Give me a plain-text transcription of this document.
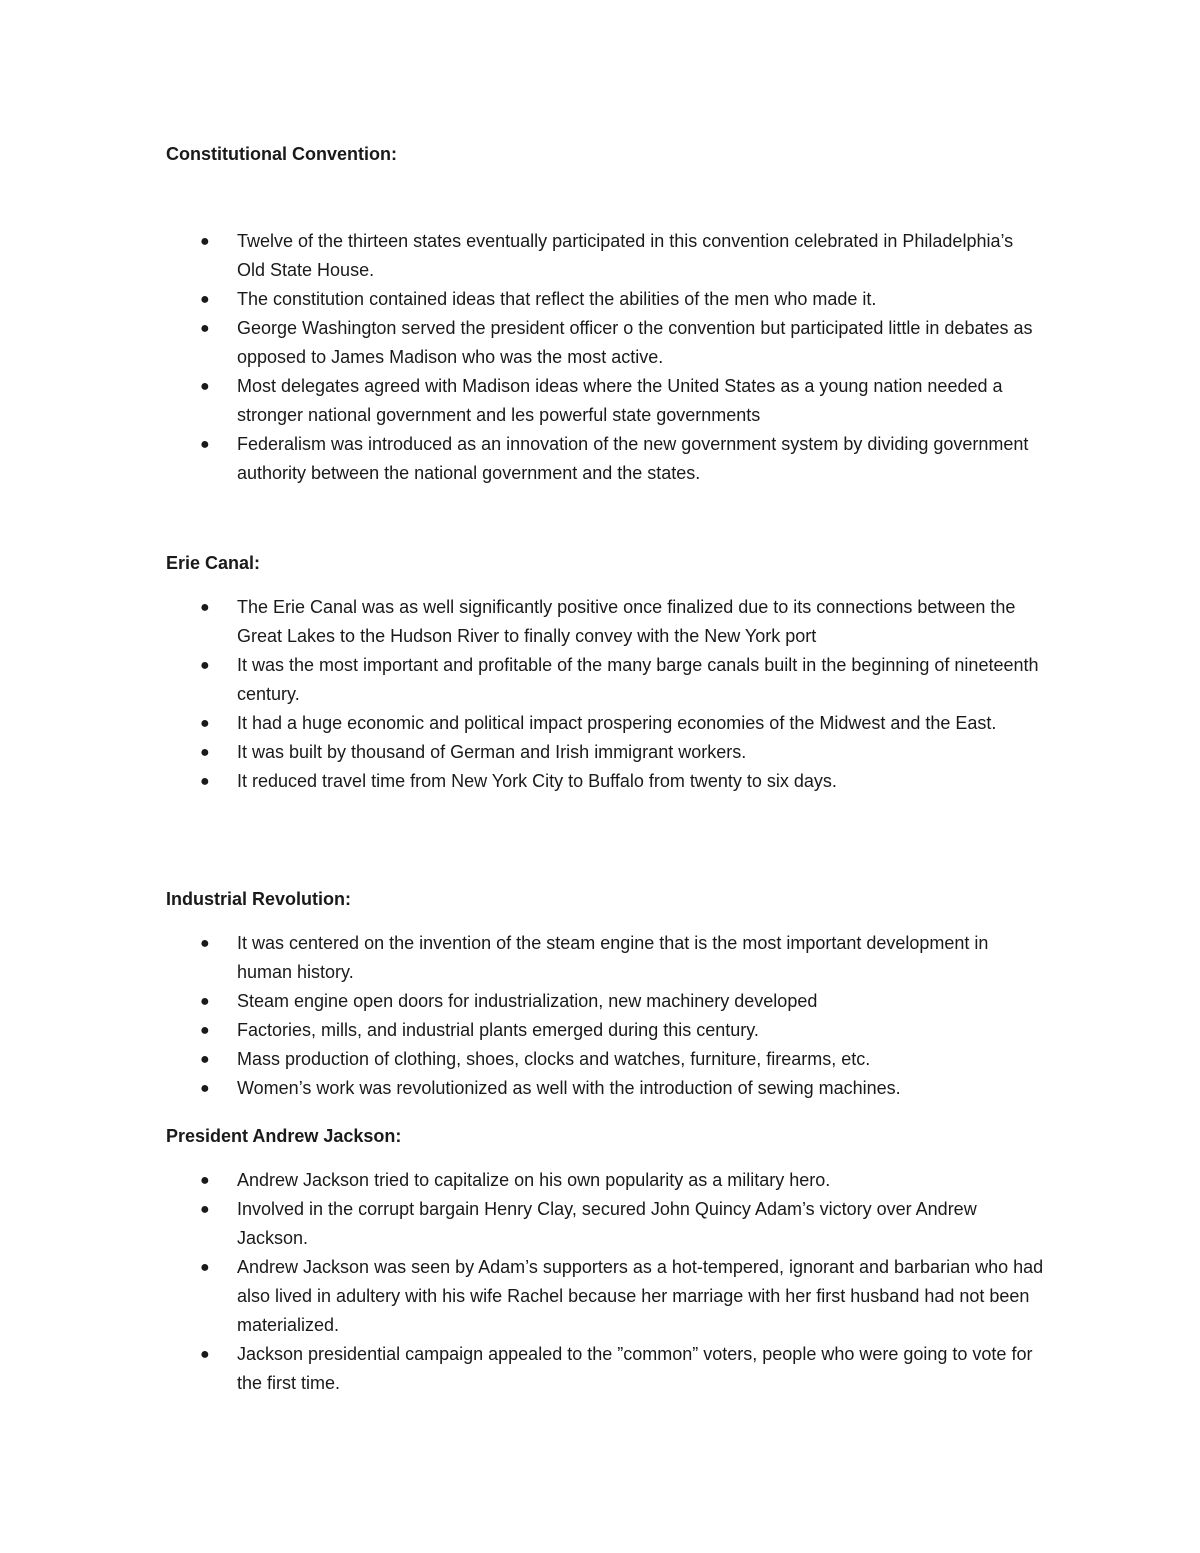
Constitutional Convention:

● Twelve of the thirteen states eventually participated in this convention celebrated in Philadelphia’s Old State House.
● The constitution contained ideas that reflect the abilities of the men who made it.
● George Washington served the president officer o the convention but participated little in debates as opposed to James Madison who was the most active.
● Most delegates agreed with Madison ideas where the United States as a young nation needed a stronger national government and les powerful state governments
● Federalism was introduced as an innovation of the new government system by dividing government authority between the national government and the states.

Erie Canal:

● The Erie Canal was as well significantly positive once finalized due to its connections between the Great Lakes to the Hudson River to finally convey with the New York port
● It was the most important and profitable of the many barge canals built in the beginning of nineteenth century.
● It had a huge economic and political impact prospering economies of the Midwest and the East.
● It was built by thousand of German and Irish immigrant workers.
● It reduced travel time from New York City to Buffalo from twenty to six days.

Industrial Revolution:

● It was centered on the invention of the steam engine that is the most important development in human history.
● Steam engine open doors for industrialization, new machinery developed
● Factories, mills, and industrial plants emerged during this century.
● Mass production of clothing, shoes, clocks and watches, furniture, firearms, etc.
● Women’s work was revolutionized as well with the introduction of sewing machines.

President Andrew Jackson:

● Andrew Jackson tried to capitalize on his own popularity as a military hero.
● Involved in the corrupt bargain Henry Clay, secured John Quincy Adam’s victory over Andrew Jackson.
● Andrew Jackson was seen by Adam’s supporters as a hot-tempered, ignorant and barbarian who had also lived in adultery with his wife Rachel because her marriage with her first husband had not been materialized.
● Jackson presidential campaign appealed to the ”common” voters, people who were going to vote for the first time.
